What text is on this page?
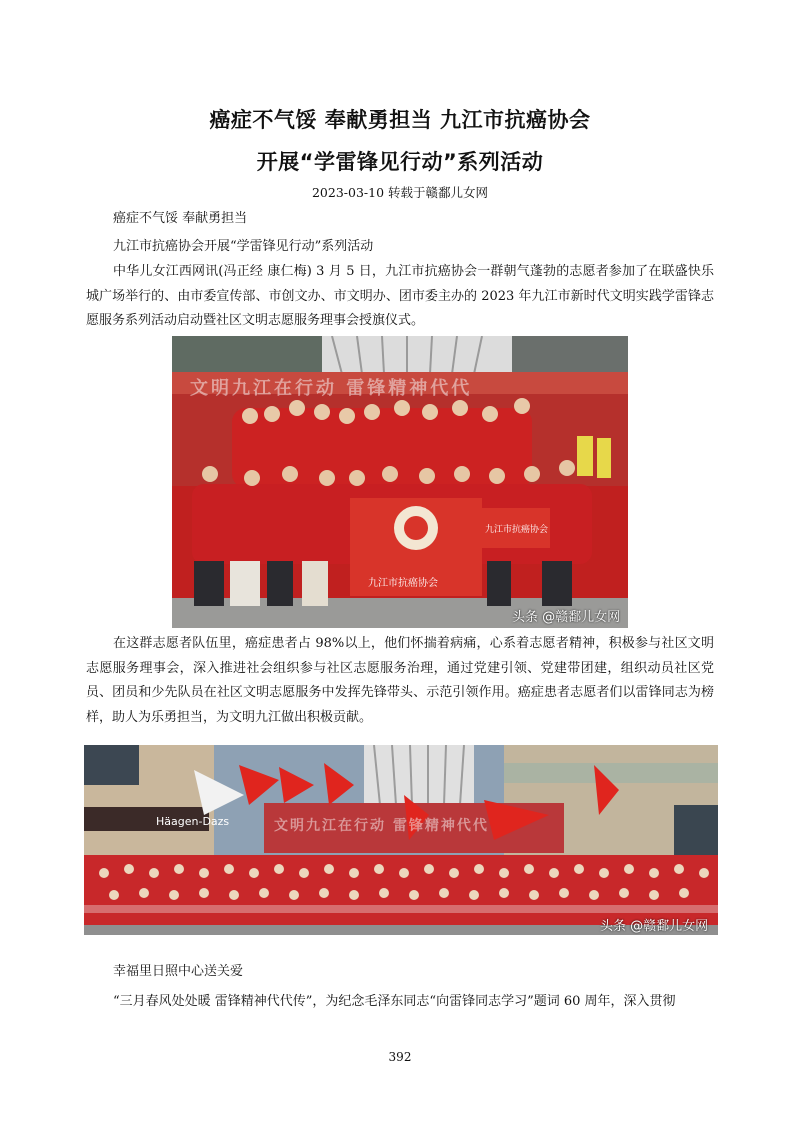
癌症不气馁 奉献勇担当 九江市抗癌协会
开展“学雷锋见行动”系列活动
2023-03-10 转载于赣鄱儿女网

癌症不气馁 奉献勇担当

九江市抗癌协会开展“学雷锋见行动”系列活动

中华儿女江西网讯(冯正经 康仁梅) 3 月 5 日，九江市抗癌协会一群朝气蓬勃的志愿者参加了在联盛快乐城广场举行的、由市委宣传部、市创文办、市文明办、团市委主办的 2023 年九江市新时代文明实践学雷锋志愿服务系列活动启动暨社区文明志愿服务理事会授旗仪式。

文明九江在行动 雷锋精神代代
九江市抗癌协会
九江市抗癌协会
头条 @赣鄱儿女网

在这群志愿者队伍里，癌症患者占 98%以上，他们怀揣着病痛，心系着志愿者精神，积极参与社区文明志愿服务理事会，深入推进社会组织参与社区志愿服务治理，通过党建引领、党建带团建，组织动员社区党员、团员和少先队员在社区文明志愿服务中发挥先锋带头、示范引领作用。癌症患者志愿者们以雷锋同志为榜样，助人为乐勇担当，为文明九江做出积极贡献。

Häagen-Dazs	文明九江在行动 雷锋精神代代
头条 @赣鄱儿女网

幸福里日照中心送关爱

“三月春风处处暖 雷锋精神代代传”，为纪念毛泽东同志“向雷锋同志学习”题词 60 周年，深入贯彻

392
